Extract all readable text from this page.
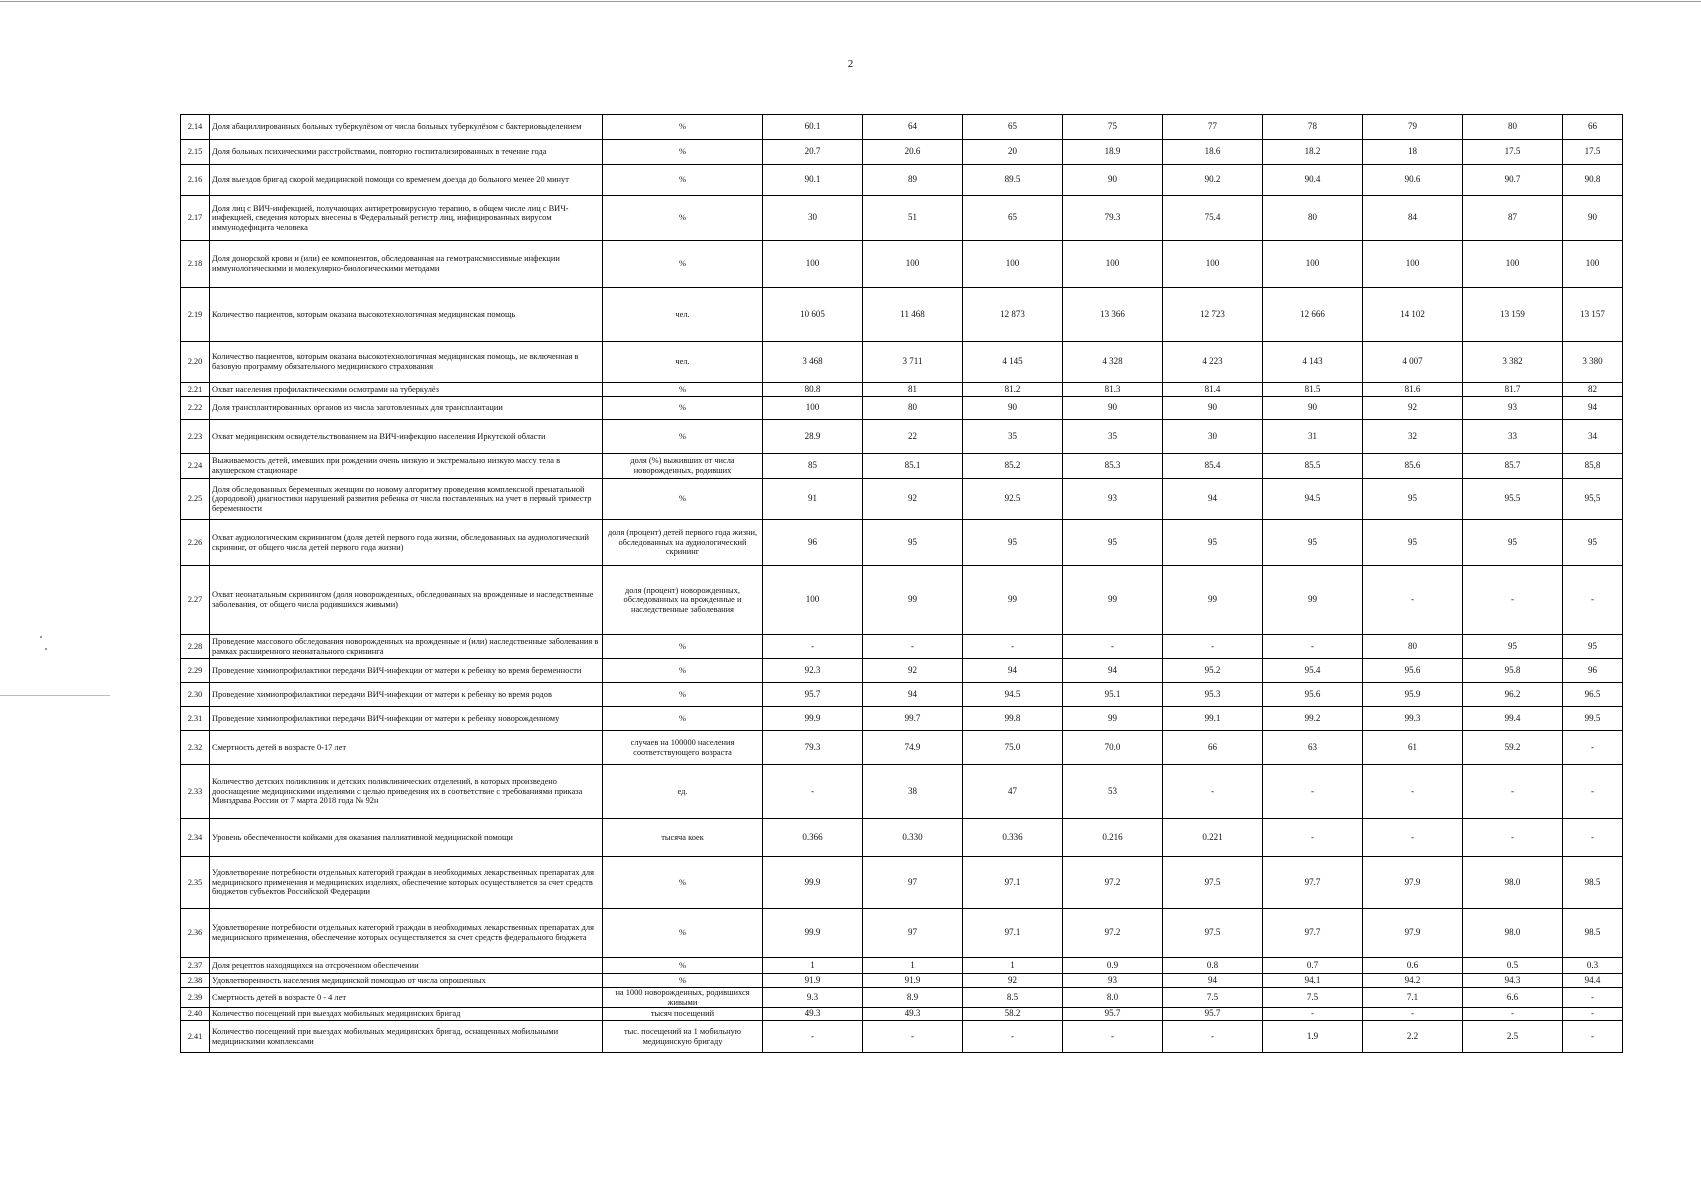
2
2.14	Доля абациллированных больных туберкулёзом от числа больных туберкулёзом с бактериовыделением	%	60.1	64	65	75	77	78	79	80	66
2.15	Доля больных психическими расстройствами, повторно госпитализированных в течение года	%	20.7	20.6	20	18.9	18.6	18.2	18	17.5	17.5
2.16	Доля выездов бригад скорой медицинской помощи со временем доезда до больного менее 20 минут	%	90.1	89	89.5	90	90.2	90.4	90.6	90.7	90.8
2.17	Доля лиц с ВИЧ-инфекцией, получающих антиретровирусную терапию, в общем числе лиц с ВИЧ-инфекцией, сведения которых внесены в Федеральный регистр лиц, инфицированных вирусом иммунодефицита человека	%	30	51	65	79.3	75.4	80	84	87	90
2.18	Доля донорской крови и (или) ее компонентов, обследованная на гемотрансмиссивные инфекции иммунологическими и молекулярно-биологическими методами	%	100	100	100	100	100	100	100	100	100
2.19	Количество пациентов, которым оказана высокотехнологичная медицинская помощь	чел.	10 605	11 468	12 873	13 366	12 723	12 666	14 102	13 159	13 157
2.20	Количество пациентов, которым оказана высокотехнологичная медицинская помощь, не включенная в базовую программу обязательного медицинского страхования	чел.	3 468	3 711	4 145	4 328	4 223	4 143	4 007	3 382	3 380
2.21	Охват населения профилактическими осмотрами на туберкулёз	%	80.8	81	81.2	81.3	81.4	81.5	81.6	81.7	82
2.22	Доля трансплантированных органов из числа заготовленных для трансплантации	%	100	80	90	90	90	90	92	93	94
2.23	Охват медицинским освидетельствованием на ВИЧ-инфекцию населения Иркутской области	%	28.9	22	35	35	30	31	32	33	34
2.24	Выживаемость детей, имевших при рождении очень низкую и экстремально низкую массу тела в акушерском стационаре	доля (%) выживших от числа новорожденных, родивших	85	85.1	85.2	85.3	85.4	85.5	85.6	85.7	85,8
2.25	Доля обследованных беременных женщин по новому алгоритму проведения комплексной пренатальной (дородовой) диагностики нарушений развития ребенка от числа поставленных на учет в первый триместр беременности	%	91	92	92.5	93	94	94.5	95	95.5	95,5
2.26	Охват аудиологическим скринингом (доля детей первого года жизни, обследованных на аудиологический скрининг, от общего числа детей первого года жизни)	доля (процент) детей первого года жизни, обследованных на аудиологический скрининг	96	95	95	95	95	95	95	95	95
2.27	Охват неонатальным скринингом (доля новорожденных, обследованных на врожденные и наследственные заболевания, от общего числа родившихся живыми)	доля (процент) новорожденных, обследованных на врожденные и наследственные заболевания	100	99	99	99	99	99	-	-	-
2.28	Проведение массового обследования новорожденных на врожденные и (или) наследственные заболевания в рамках расширенного неонатального скрининга	%	-	-	-	-	-	-	80	95	95
2.29	Проведение химиопрофилактики передачи ВИЧ-инфекции от матери к ребенку во время беременности	%	92.3	92	94	94	95.2	95.4	95.6	95.8	96
2.30	Проведение химиопрофилактики передачи ВИЧ-инфекции от матери к ребенку во время родов	%	95.7	94	94.5	95.1	95.3	95.6	95.9	96.2	96.5
2.31	Проведение химиопрофилактики передачи ВИЧ-инфекции от матери к ребенку новорожденному	%	99.9	99.7	99.8	99	99.1	99.2	99.3	99.4	99.5
2.32	Смертность детей в возрасте 0-17 лет	случаев на 100000 населения соответствующего возраста	79.3	74.9	75.0	70.0	66	63	61	59.2	-
2.33	Количество детских поликлиник и детских поликлинических отделений, в которых произведено дооснащение медицинскими изделиями с целью приведения их в соответствие с требованиями приказа Минздрава России от 7 марта 2018 года № 92н	ед.	-	38	47	53	-	-	-	-	-
2.34	Уровень обеспеченности койками для оказания паллиативной медицинской помощи	тысяча коек	0.366	0.330	0.336	0.216	0.221	-	-	-	-
2.35	Удовлетворение потребности отдельных категорий граждан в необходимых лекарственных препаратах для медицинского применения и медицинских изделиях, обеспечение которых осуществляется за счет средств бюджетов субъектов Российской Федерации	%	99.9	97	97.1	97.2	97.5	97.7	97.9	98.0	98.5
2.36	Удовлетворение потребности отдельных категорий граждан в необходимых лекарственных препаратах для медицинского применения, обеспечение которых осуществляется за счет средств федерального бюджета	%	99.9	97	97.1	97.2	97.5	97.7	97.9	98.0	98.5
2.37	Доля рецептов находящихся на отсроченном обеспечении	%	1	1	1	0.9	0.8	0.7	0.6	0.5	0.3
2.38	Удовлетворенность населения медицинской помощью от числа опрошенных	%	91.9	91.9	92	93	94	94.1	94.2	94.3	94.4
2.39	Смертность детей в возрасте 0 - 4 лет	на 1000 новорожденных, родившихся живыми	9.3	8.9	8.5	8.0	7.5	7.5	7.1	6.6	-
2.40	Количество посещений при выездах мобильных медицинских бригад	тысяч посещений	49.3	49.3	58.2	95.7	95.7	-	-	-	-
2.41	Количество посещений при выездах мобильных медицинских бригад, оснащенных мобильными медицинскими комплексами	тыс. посещений на 1 мобильную медицинскую бригаду	-	-	-	-	-	1.9	2.2	2.5	-
